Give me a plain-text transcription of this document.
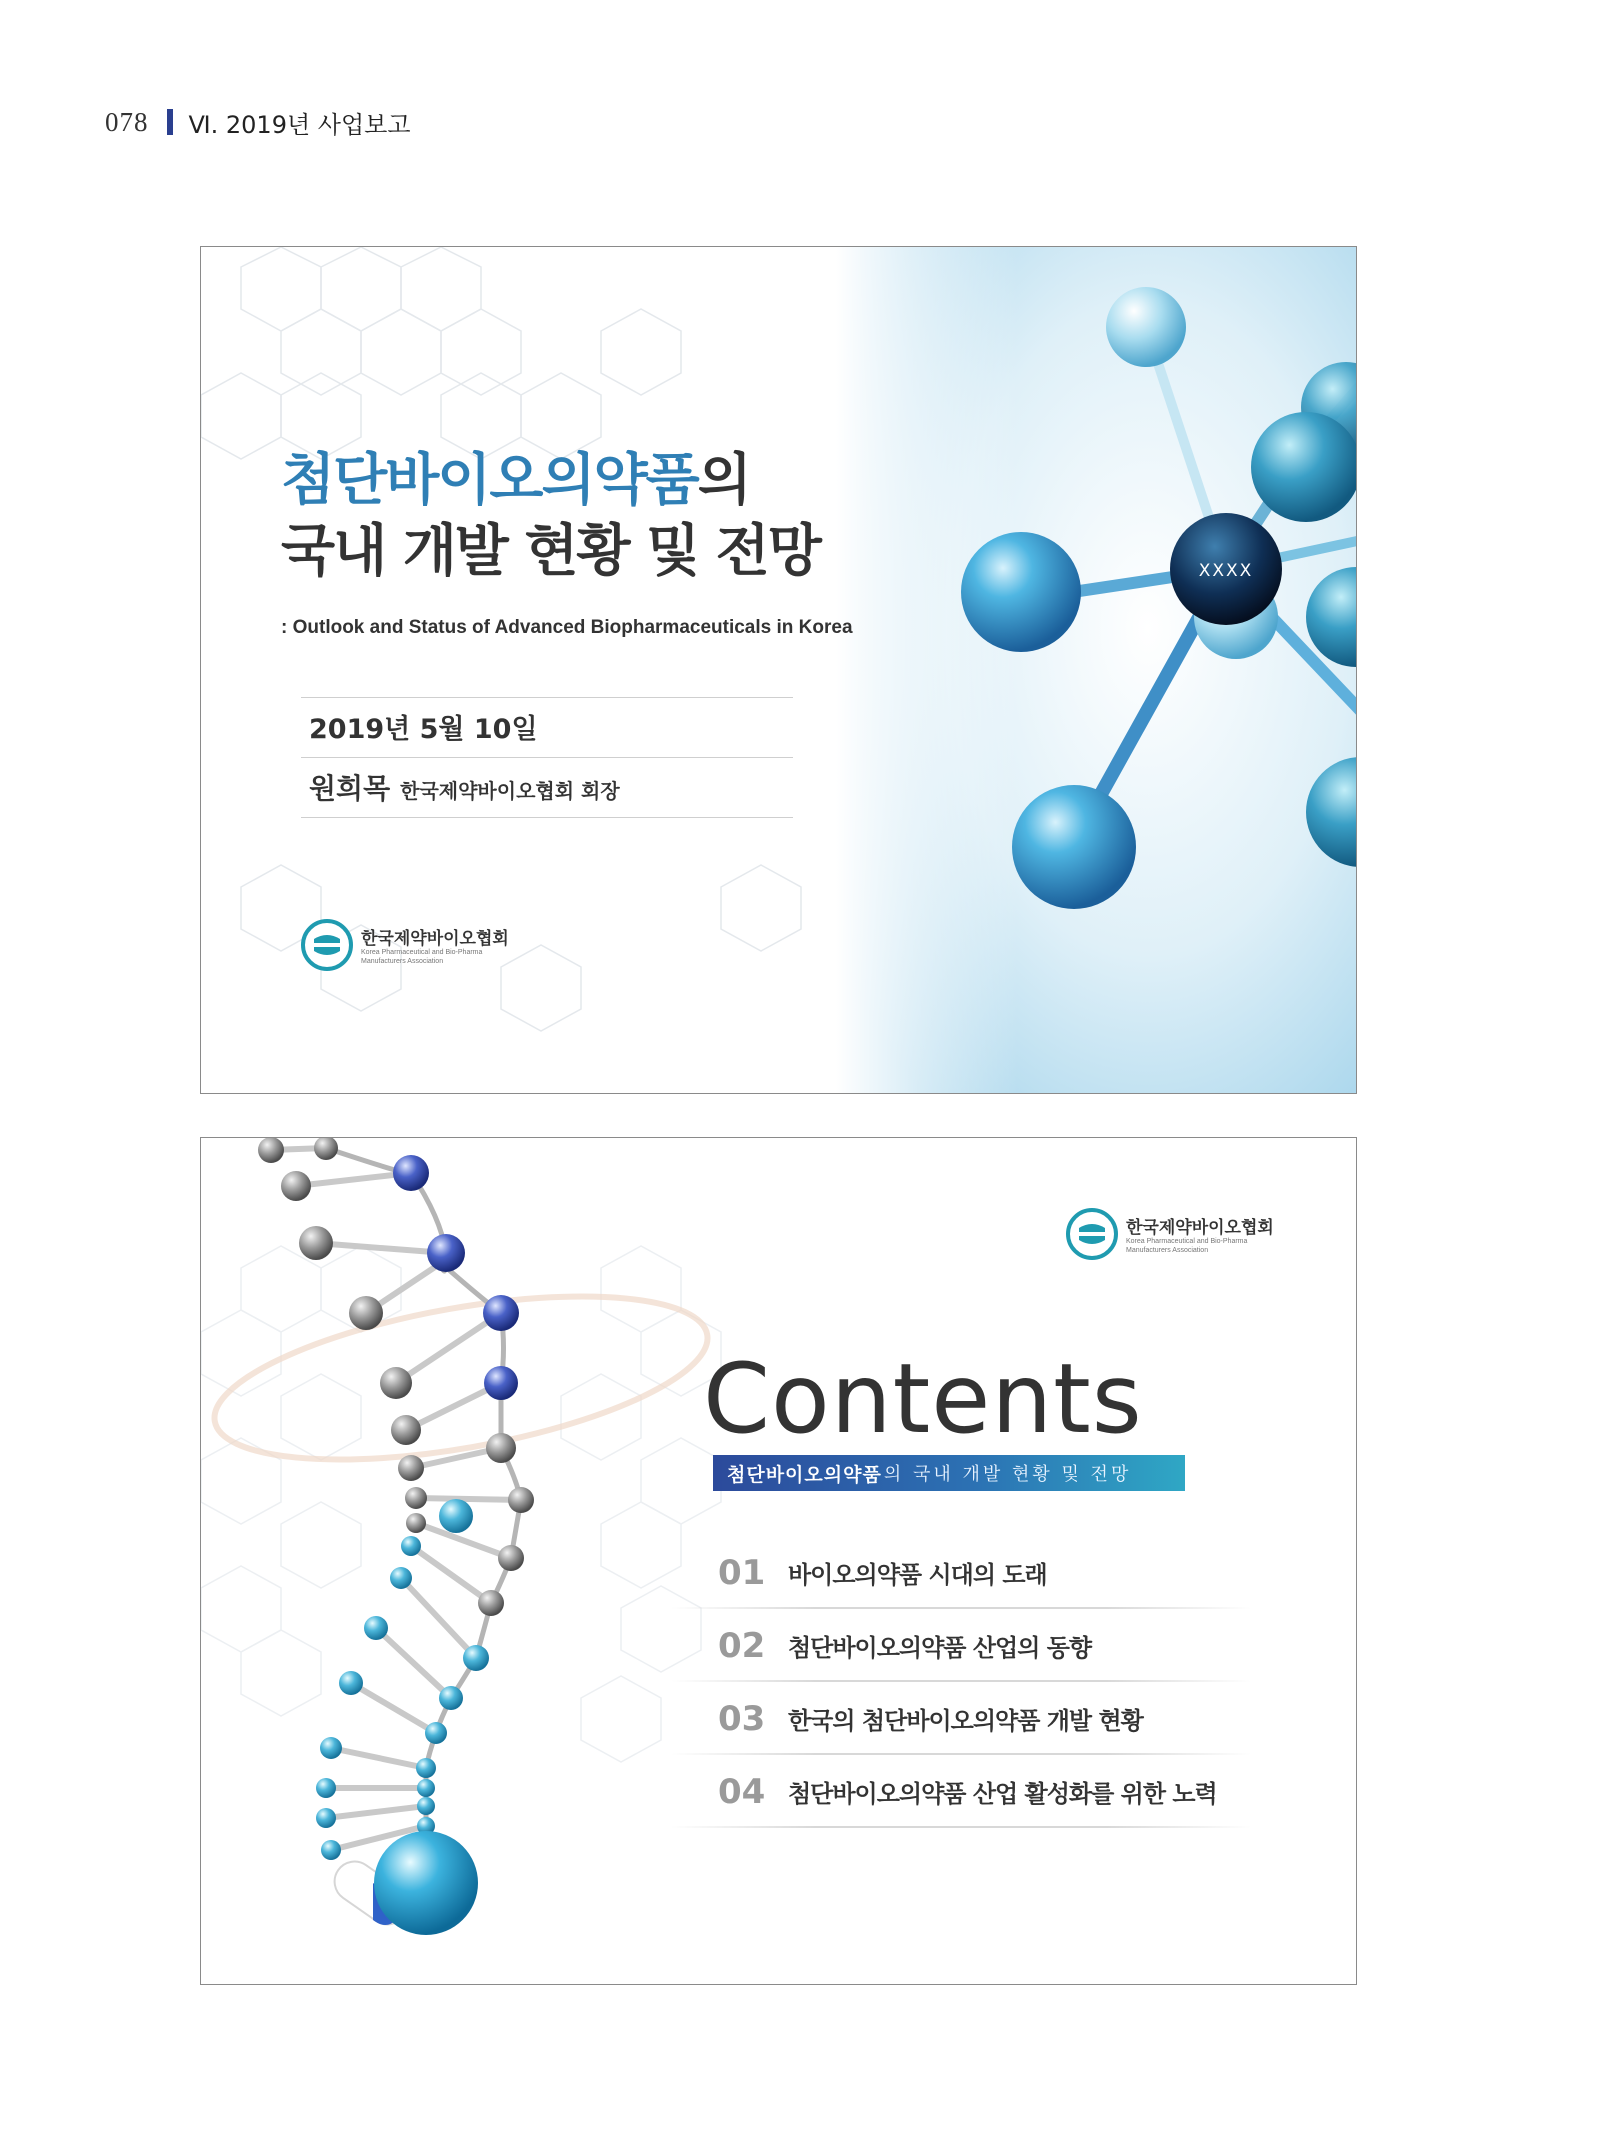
078 Ⅵ. 2019년 사업보고
XXXX
첨단바이오의약품의
국내 개발 현황 및 전망
: Outlook and Status of Advanced Biopharmaceuticals in Korea
2019년 5월 10일
원희목 한국제약바이오협회 회장
한국제약바이오협회
Korea Pharmaceutical and Bio-Pharma
Manufacturers Association
한국제약바이오협회
Korea Pharmaceutical and Bio-Pharma
Manufacturers Association
Contents
첨단바이오의약품 의 국내 개발 현황 및 전망
01 바이오의약품 시대의 도래
02 첨단바이오의약품 산업의 동향
03 한국의 첨단바이오의약품 개발 현황
04 첨단바이오의약품 산업 활성화를 위한 노력
